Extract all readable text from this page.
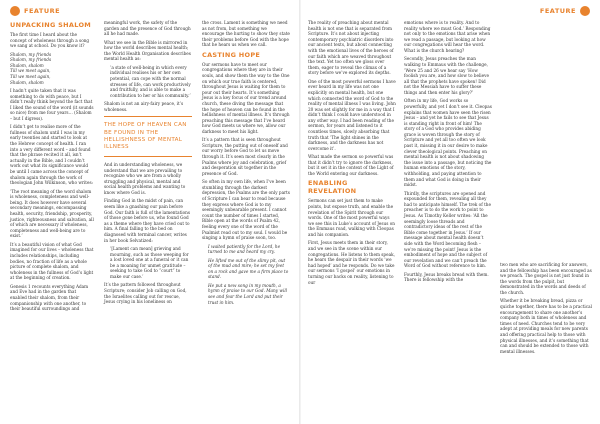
FEATURE
UNPACKING SHALOM

The first time I heard about the concept of wholeness through a song we sang at school. Do you know it?

Shalom, my friends
Shalom, my friends
Shalom, shalom
Till we meet again,
Till we meet again,
Shalom, shalom

I hadn’t quite taken that it was something to do with peace, but I didn’t really think beyond the fact that I liked the sound of the word (it sounds so nice) from me four years… (Shalom – but I digress).

I didn’t get to realise more of the fullness of shalom until I was in my early twenties and started to look at the Hebrew concept of health. I ran into a very different word – and found that the phrase recited it all, isn’t actually in the Bible, and I couldn’t work out what its significance would be until I came across the concept of shalom again through the work of theologian John Wilkinson, who writes:

‘The root meaning of the word shalom is wholeness, completeness and well-being. It does however have several secondary meanings, encompassing health, security, friendship, prosperity, justice, righteousness and salvation, all of which are necessary if wholeness, completeness and well-being are to exist.’

It’s a beautiful vision of what God imagined for our lives – wholeness that includes relationships, including bodies, no fraction of life as a whole picture of complete shalom, and wholeness in the fullness of God’s light at the beginning of creation.

Genesis 1 recounts everything Adam and Eve had in the garden that enabled their shalom, from their companionship with one another, to their beautiful surroundings and

meaningful work, the safety of the garden and the presence of God through all he had made.

What we see in the Bible is mirrored in how the world describes mental health; the World Health Organisation describes mental health as:

‘a state of well-being in which every individual realises his or her own potential, can cope with the normal stresses of life, can work productively and fruitfully, and is able to make a contribution to her or his community.’

Shalom is not an airy-fairy peace, it’s wholeness.

THE HOPE OF HEAVEN CAN BE FOUND IN THE HELLISHNESS OF MENTAL ILLNESS

And in understanding wholeness, we understand that we are prevailing to recognize who we are from a wholly struggling and physical, mental and social health problems and wanting to know where God is.

Finding God in the midst of pain, can seem like a gnashing our pain before God. Our faith is full of the lamentations of those gone before us, who found God as a theme where they have cried out to him. A final falling to the bed on diagnosed with terminal cancer, writes in her book Selvatized:

‘[Lament can mean] grieving and mourning, such as those weeping for a lost loved one at a funeral or it can be a moaning for unmet gratitude – seeking to take God to “court” to make our case.’

It’s the pattern followed throughout Scripture; consider Job calling on God, the Israelites calling out for rescue, Jesus crying in his loneliness on

the cross. Lament is something we need as not from, but something we encourage the hurting to show they state their problems before God with the hope that he hears us when we call.

CASTING HOPE

Our sermons have to meet our congregations where they are in their souls, and show them the way to the One on which our true faith is centered, throughout Jesus is waiting for them to pour out their hearts. It’s something Jesus is a key focus of our trend around church, these diving the message that the hope of heaven can be found in the hellishness of mental illness. It’s through preaching this message that I’ve heard how God meets us where we, allow our darkness to meet his light.

It’s a pattern that is seen throughout Scripture, the putting out of oneself and our worry before God to let us move through it. It’s seen most clearly in the Psalms where joy and celebration, grief and desperation sit together in the presence of God.

So often in my own life, when I’ve been stumbling through the darkest depression, the Psalms are the only parts of Scripture I can bear to read because they express where God is to my seemingly unbearable present. I cannot count the number of times I started, Bible open at the words of Psalm 42, feeling every one of the word of the Psalmist read out to my soul. I would be singing a hymn of praise soon, too.

I waited patiently for the Lord, he turned to me and heard my cry.

He lifted me out of the slimy pit, out of the mud and mire; he set my feet on a rock and gave me a firm place to stand.

He put a new song in my mouth, a hymn of praise to our God. Many will see and fear the Lord and put their trust in him.

FEATURE

The reality of preaching about mental health is not one that is separated from Scripture. It’s not about injecting contemporary psychiatric disorders into our ancient texts, but about connecting with the emotional lives of the heroes of our faith which are weaved throughout the text. Yet too often we gloss over them, eager to reveal the climax of a story before we’ve explored its depths.

One of the most powerful sermons I have ever heard in my life was not one explicitly on mental health, but one which connected the word of God to the reality of mental illness I was living. John 20 was set slightly for me in a way that I didn’t think I could have understood in any other way. I had been reading of the sermon, for years and listened to it countless times, slowly absorbing that truth that ‘The light shines in the darkness, and the darkness has not overcome it’.

What made the sermon so powerful was that it didn’t try to ignore the darkness, but it set it in the context of the Light of the World entering our darkness.

ENABLING REVELATION

Sermons can set just them to make points, but expose truth, and enable the revelation of the Spirit through our words. One of the most powerful ways we see this in Luke’s account of Jesus on the Emmaus road, walking with Cleopas and his companion.

First, Jesus meets them in their story, and we see in the scene within our congregations. He listens to them speak, he hears the despair in their words ‘we had hoped’ and he responds. Do we take our sermons ‘I gospel’ our emotions in turning our backs on reality, listening to our

emotions where is to reality. And to reality where we must God.’ Responding not only to the emotions that arise when we read a passage, but looking at how our congregations will hear the word. What is the church hearing?

Secondly, Jesus preaches the man walking to Emmaus with the challenge, ‘Were 25 and 26 we hear say ‘How foolish you are, and how slow to believe all that the prophets have spoken! Did not the Messiah have to suffer these things and then enter his glory?’

Often in my life, God works so powerfully, and yet I don’t see it. Cleopas explains that women have seen the risen Jesus – and yet he fails to see that Jesus is standing right in front of him! The story of a God who provides abiding grace is woven through the story of Scripture and yet all too often we look past it, missing it in our desire to make clever theological points. Preaching on mental health is not about shadowing the issue into a passage, but noticing the human emotions of the story, withholding, and paying attention to them and what God is doing in their midst.

Thirdly, the scriptures are opened and expounded for them, revealing all they had to anticipate himself. The trek of the preacher is to do the work to point to Jesus. As Timothy Keller writes: ‘All the seemingly loose threads and contradictory ideas of the rest of the Bible come together in Jesus.’ If our message about mental health doesn’t side with the Word becoming flesh – we’re missing the point! Jesus is the embodiment of hope and the subject of our revelation and we can’t preach the Word of God without reference to him.

Fourthly, Jesus breaks bread with them. There is fellowship with the

two men who are sacrificing for answers, and the fellowship has been encouraged as we preach. The gospel is not just found in the words from the pulpit, but demonstrated in the words and deeds of the church.

Whether it be breaking bread, pizza or quiche together, there has to be a practical encouragement to share one another’s company both in times of wholeness and times of need. Churches tend to be very adept at providing meals for new parents and offering practical help to those with physical illnesses, and it’s something that can and should be extended to those with mental illnesses.
